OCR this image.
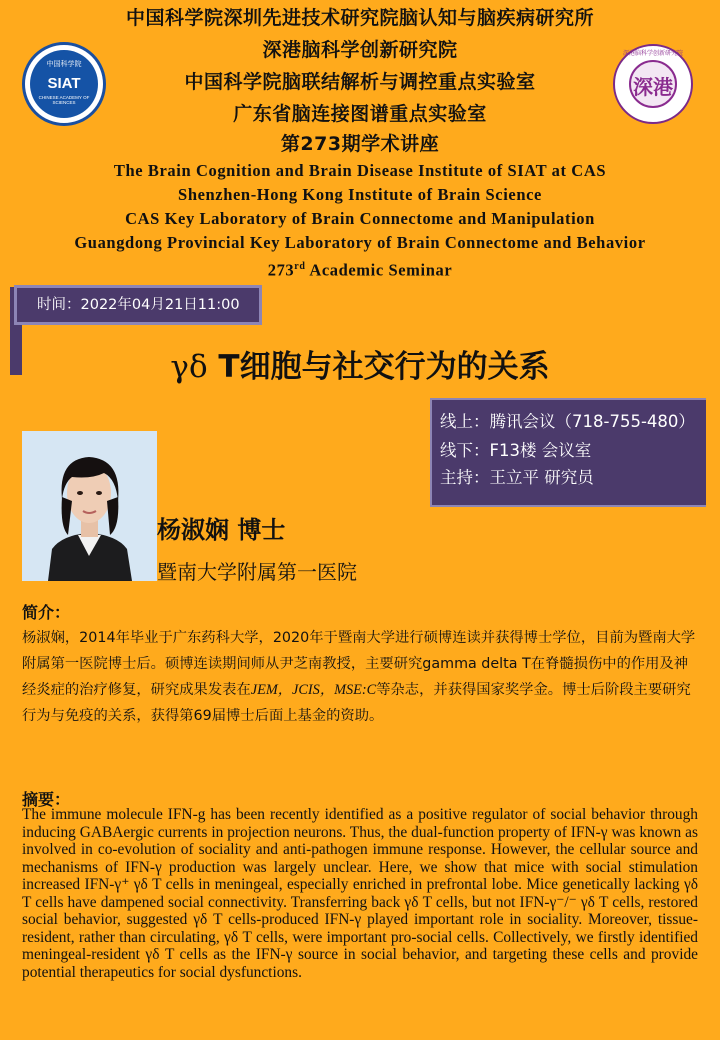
中国科学院深圳先进技术研究院脑认知与脑疾病研究所
深港脑科学创新研究院
中国科学院脑联结解析与调控重点实验室
广东省脑连接图谱重点实验室
第273期学术讲座
The Brain Cognition and Brain Disease Institute of SIAT at CAS
Shenzhen-Hong Kong Institute of Brain Science
CAS Key Laboratory of Brain Connectome and Manipulation
Guangdong Provincial Key Laboratory of Brain Connectome and Behavior
273rd Academic Seminar
中国科学院
SIAT
CHINESE ACADEMY OF SCIENCES
深港脑科学创新研究院
深港
时间：2022年04月21日11:00
γδ T细胞与社交行为的关系
线上：腾讯会议（718-755-480）
线下：F13楼 会议室
主持：王立平 研究员
杨淑娴 博士
暨南大学附属第一医院
简介：
杨淑娴，2014年毕业于广东药科大学，2020年于暨南大学进行硕博连读并获得博士学位，目前为暨南大学附属第一医院博士后。硕博连读期间师从尹芝南教授，主要研究gamma delta T在脊髓损伤中的作用及神经炎症的治疗修复，研究成果发表在JEM，JCIS，MSE:C等杂志，并获得国家奖学金。博士后阶段主要研究行为与免疫的关系，获得第69届博士后面上基金的资助。
摘要：
The immune molecule IFN-g has been recently identified as a positive regulator of social behavior through inducing GABAergic currents in projection neurons. Thus, the dual-function property of IFN-γ was known as involved in co-evolution of sociality and anti-pathogen immune response. However, the cellular source and mechanisms of IFN-γ production was largely unclear. Here, we show that mice with social stimulation increased IFN-γ⁺ γδ T cells in meningeal, especially enriched in prefrontal lobe. Mice genetically lacking γδ T cells have dampened social connectivity. Transferring back γδ T cells, but not IFN-γ⁻/⁻ γδ T cells, restored social behavior, suggested γδ T cells-produced IFN-γ played important role in sociality. Moreover, tissue-resident, rather than circulating, γδ T cells, were important pro-social cells. Collectively, we firstly identified meningeal-resident γδ T cells as the IFN-γ source in social behavior, and targeting these cells and provide potential therapeutics for social dysfunctions.
